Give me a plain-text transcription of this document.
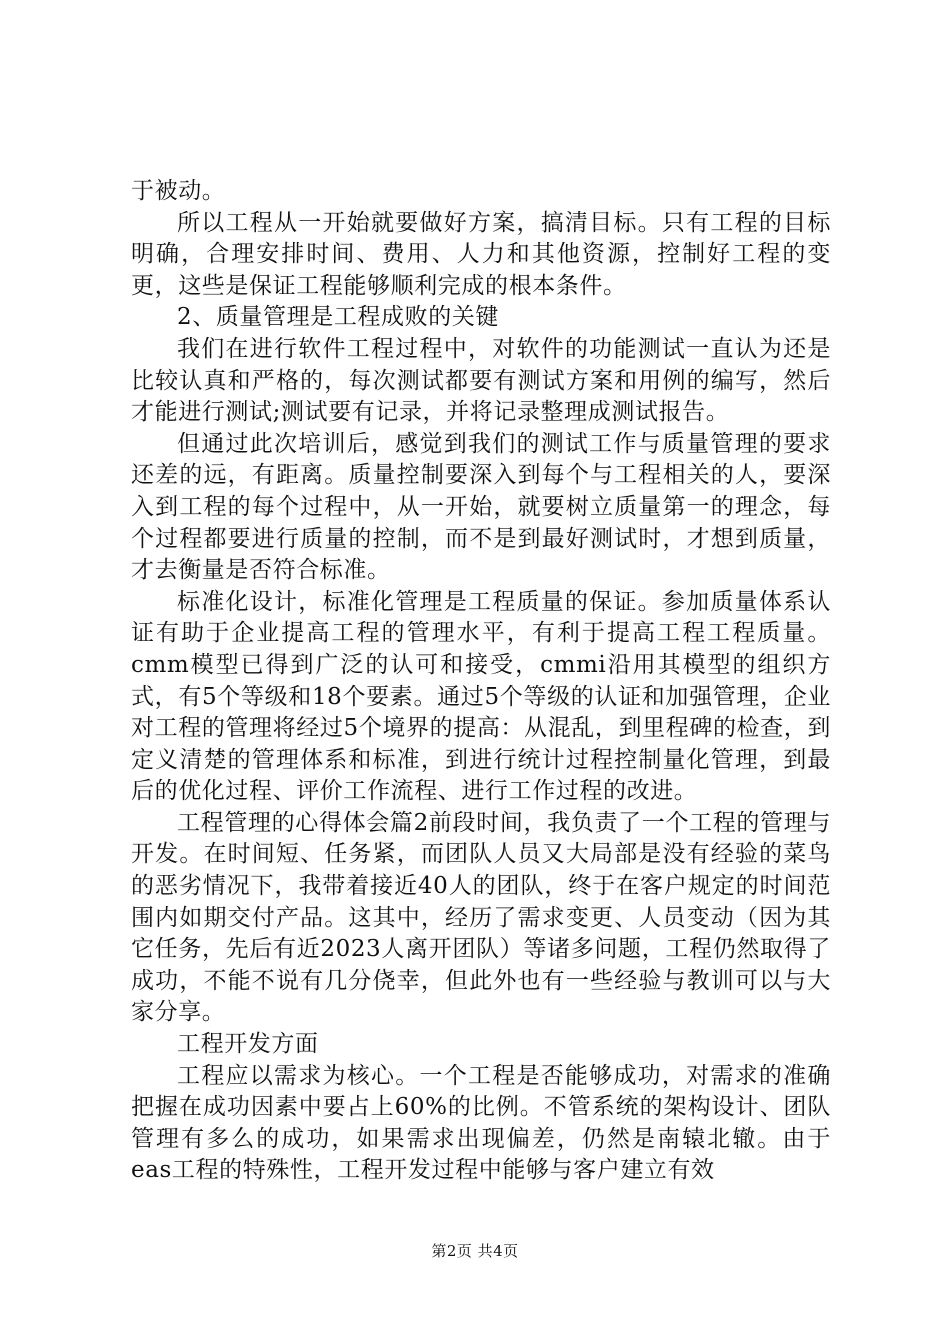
于被动。

所以工程从一开始就要做好方案，搞清目标。只有工程的目标明确，合理安排时间、费用、人力和其他资源，控制好工程的变更，这些是保证工程能够顺利完成的根本条件。

2、质量管理是工程成败的关键

我们在进行软件工程过程中，对软件的功能测试一直认为还是比较认真和严格的，每次测试都要有测试方案和用例的编写，然后才能进行测试;测试要有记录，并将记录整理成测试报告。

但通过此次培训后，感觉到我们的测试工作与质量管理的要求还差的远，有距离。质量控制要深入到每个与工程相关的人，要深入到工程的每个过程中，从一开始，就要树立质量第一的理念，每个过程都要进行质量的控制，而不是到最好测试时，才想到质量，才去衡量是否符合标准。

标准化设计，标准化管理是工程质量的保证。参加质量体系认证有助于企业提高工程的管理水平，有利于提高工程工程质量。cmm模型已得到广泛的认可和接受，cmmi沿用其模型的组织方式，有5个等级和18个要素。通过5个等级的认证和加强管理，企业对工程的管理将经过5个境界的提高：从混乱，到里程碑的检查，到定义清楚的管理体系和标准，到进行统计过程控制量化管理，到最后的优化过程、评价工作流程、进行工作过程的改进。

工程管理的心得体会篇2前段时间，我负责了一个工程的管理与开发。在时间短、任务紧，而团队人员又大局部是没有经验的菜鸟的恶劣情况下，我带着接近40人的团队，终于在客户规定的时间范围内如期交付产品。这其中，经历了需求变更、人员变动（因为其它任务，先后有近2023人离开团队）等诸多问题，工程仍然取得了成功，不能不说有几分侥幸，但此外也有一些经验与教训可以与大家分享。

工程开发方面

工程应以需求为核心。一个工程是否能够成功，对需求的准确把握在成功因素中要占上60%的比例。不管系统的架构设计、团队管理有多么的成功，如果需求出现偏差，仍然是南辕北辙。由于eas工程的特殊性，工程开发过程中能够与客户建立有效

第2页 共4页
